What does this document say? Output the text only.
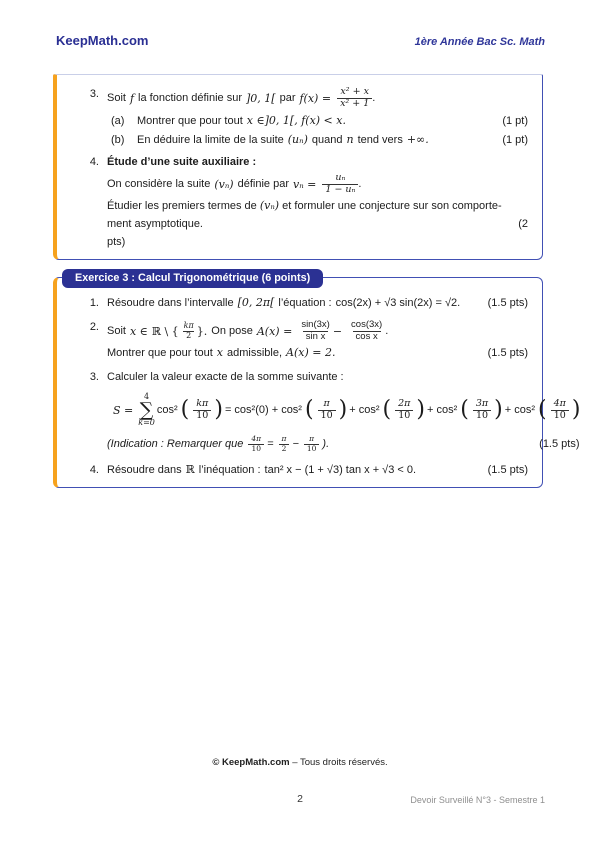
KeepMath.com	1ère Année Bac Sc. Math
3. Soit f la fonction définie sur ]0, 1[ par $f(x) = \frac{\text{x² + x}}{\text{x² + 1}}$ .
(a)	Montrer que pour tout x ∈]0, 1[, f(x) < x.	(1 pt)
(b)	En déduire la limite de la suite (uₙ) quand n tend vers +∞.	(1 pt)
4. Étude d’une suite auxiliaire :
On considère la suite (vₙ) définie par $v_n = \frac{\text{uₙ}}{\text{1 − uₙ}}$ .
Étudier les premiers termes de (vₙ) et formuler une conjecture sur son comporte-
ment asymptotique.	(2
pts)
Exercice 3 : Calcul Trigonométrique (6 points)
1. Résoudre dans l’intervalle [0, 2π[ l’équation : cos(2x) + √3 sin(2x) = √2.	(1.5 pts)
2. Soit x ∈ ℝ \ { $\frac{k\pi}{2}$ }. On pose $A(x) = \frac{\sin(3x)}{\text{sin x}} - \frac{\cos(3x)}{\text{cos x}}$ .
Montrer que pour tout x admissible, A(x) = 2.	(1.5 pts)
3. Calculer la valeur exacte de la somme suivante :
S =
4
∑
k=0
cos² ( $\frac{k\pi}{10}$ ) = cos²(0) + cos² ( $\frac{\pi}{10}$ ) + cos² ( $\frac{2\pi}{10}$ ) + cos² ( $\frac{3\pi}{10}$ ) + cos² ( $\frac{4\pi}{10}$ )
(Indication : Remarquer que $\frac{4\pi}{10} = \frac{\pi}{2} - \frac{\pi}{10}$ ).	(1.5 pts)
4. Résoudre dans ℝ l’inéquation : tan² x − (1 + √3) tan x + √3 < 0.	(1.5 pts)
© KeepMath.com – Tous droits réservés.
2	Devoir Surveillé N°3 - Semestre 1
